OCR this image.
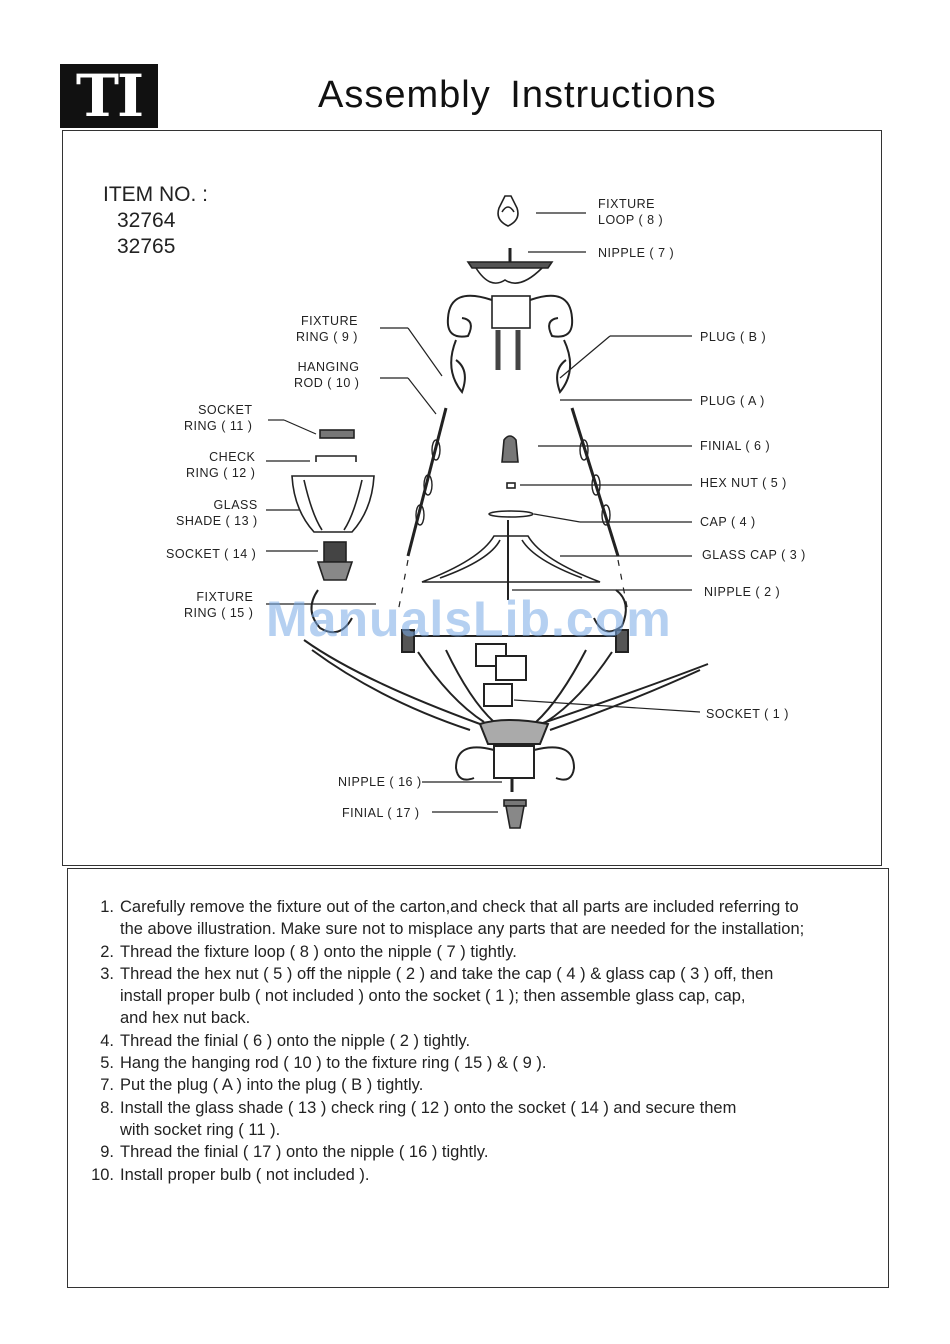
TI	Assembly Instructions
ITEM NO. :
32764
32765
FIXTURE
LOOP ( 8 )
NIPPLE ( 7 )
FIXTURE
RING ( 9 )
HANGING
ROD ( 10 )
SOCKET
RING ( 11 )
CHECK
RING ( 12 )
GLASS
SHADE ( 13 )
SOCKET ( 14 )
FIXTURE
RING ( 15 )
PLUG ( B )
PLUG ( A )
FINIAL ( 6 )
HEX NUT ( 5 )
CAP ( 4 )
GLASS CAP ( 3 )
NIPPLE ( 2 )
SOCKET ( 1 )
NIPPLE ( 16 )
FINIAL ( 17 )
ManualsLib.com
1. Carefully remove the fixture out of the carton,and check that all parts are included referring to
the above illustration. Make sure not to misplace any parts that are needed for the installation;
2. Thread the fixture loop ( 8 ) onto the nipple ( 7 ) tightly.
3. Thread the hex nut ( 5 ) off the nipple ( 2 ) and take the cap ( 4 ) & glass cap ( 3 ) off, then
install proper bulb ( not included ) onto the socket ( 1 ); then assemble glass cap, cap,
and hex nut back.
4. Thread the finial ( 6 ) onto the nipple ( 2 ) tightly.
5. Hang the hanging rod ( 10 ) to the fixture ring ( 15 ) & ( 9 ).
7. Put the plug ( A ) into the plug ( B ) tightly.
8. Install the glass shade ( 13 ) check ring ( 12 ) onto the socket ( 14 ) and secure them
with socket ring ( 11 ).
9. Thread the finial ( 17 ) onto the nipple ( 16 ) tightly.
10. Install proper bulb ( not included ).
